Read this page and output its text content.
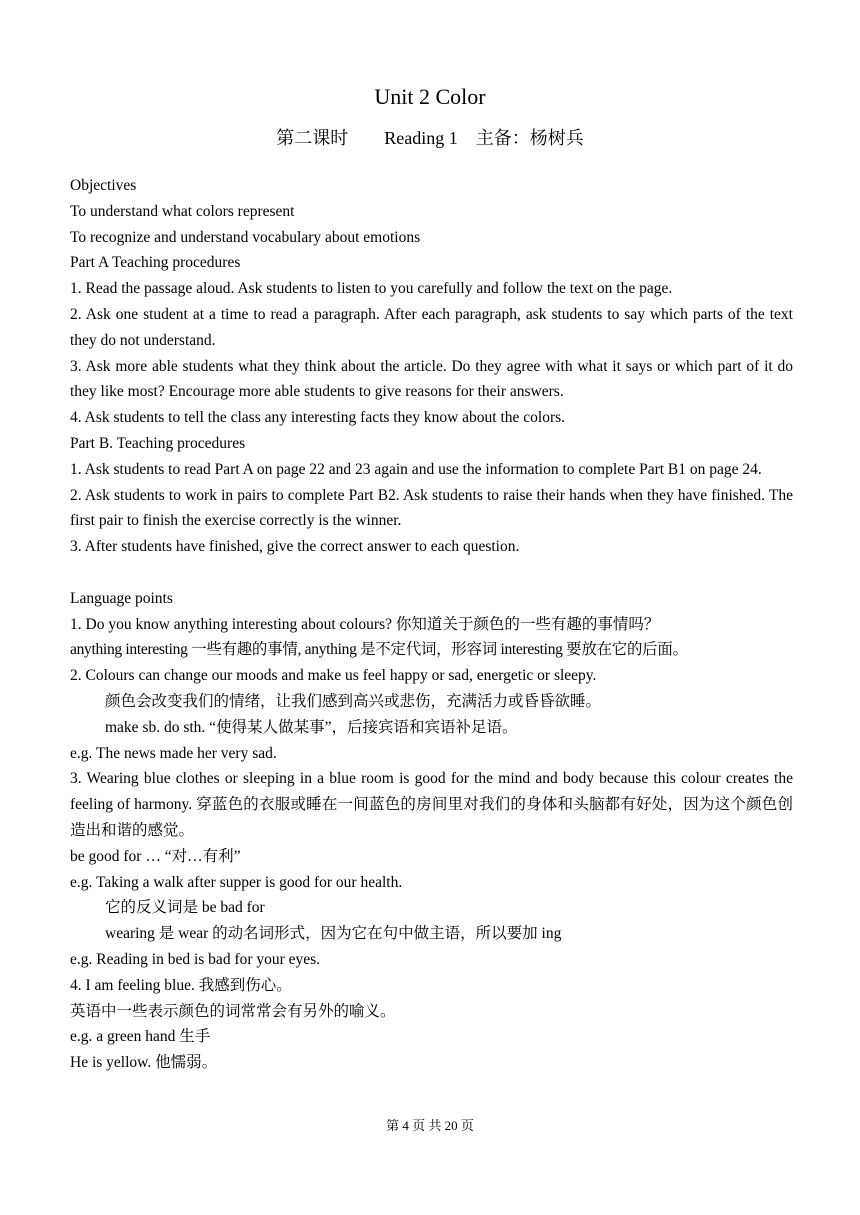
Unit 2 Color
第二课时        Reading 1    主备：杨树兵

Objectives

To understand what colors represent

To recognize and understand vocabulary about emotions

Part A Teaching procedures

1. Read the passage aloud. Ask students to listen to you carefully and follow the text on the page.

2. Ask one student at a time to read a paragraph. After each paragraph, ask students to say which parts of the text they do not understand.

3. Ask more able students what they think about the article. Do they agree with what it says or which part of it do they like most? Encourage more able students to give reasons for their answers.

4. Ask students to tell the class any interesting facts they know about the colors.

Part B. Teaching procedures

1. Ask students to read Part A on page 22 and 23 again and use the information to complete Part B1 on page 24.

2. Ask students to work in pairs to complete Part B2. Ask students to raise their hands when they have finished. The first pair to finish the exercise correctly is the winner.

3. After students have finished, give the correct answer to each question.

Language points

1. Do you know anything interesting about colours? 你知道关于颜色的一些有趣的事情吗？

anything interesting 一些有趣的事情, anything 是不定代词，形容词 interesting 要放在它的后面。

2. Colours can change our moods and make us feel happy or sad, energetic or sleepy.

颜色会改变我们的情绪，让我们感到高兴或悲伤，充满活力或昏昏欲睡。

make sb. do sth. “使得某人做某事”，后接宾语和宾语补足语。

e.g. The news made her very sad.

3. Wearing blue clothes or sleeping in a blue room is good for the mind and body because this colour creates the feeling of harmony. 穿蓝色的衣服或睡在一间蓝色的房间里对我们的身体和头脑都有好处，因为这个颜色创造出和谐的感觉。

be good for … “对…有利”

e.g. Taking a walk after supper is good for our health.

它的反义词是 be bad for

wearing 是 wear 的动名词形式，因为它在句中做主语，所以要加 ing

e.g. Reading in bed is bad for your eyes.

4. I am feeling blue. 我感到伤心。

英语中一些表示颜色的词常常会有另外的喻义。

e.g. a green hand 生手

He is yellow. 他懦弱。

第 4 页 共 20 页
